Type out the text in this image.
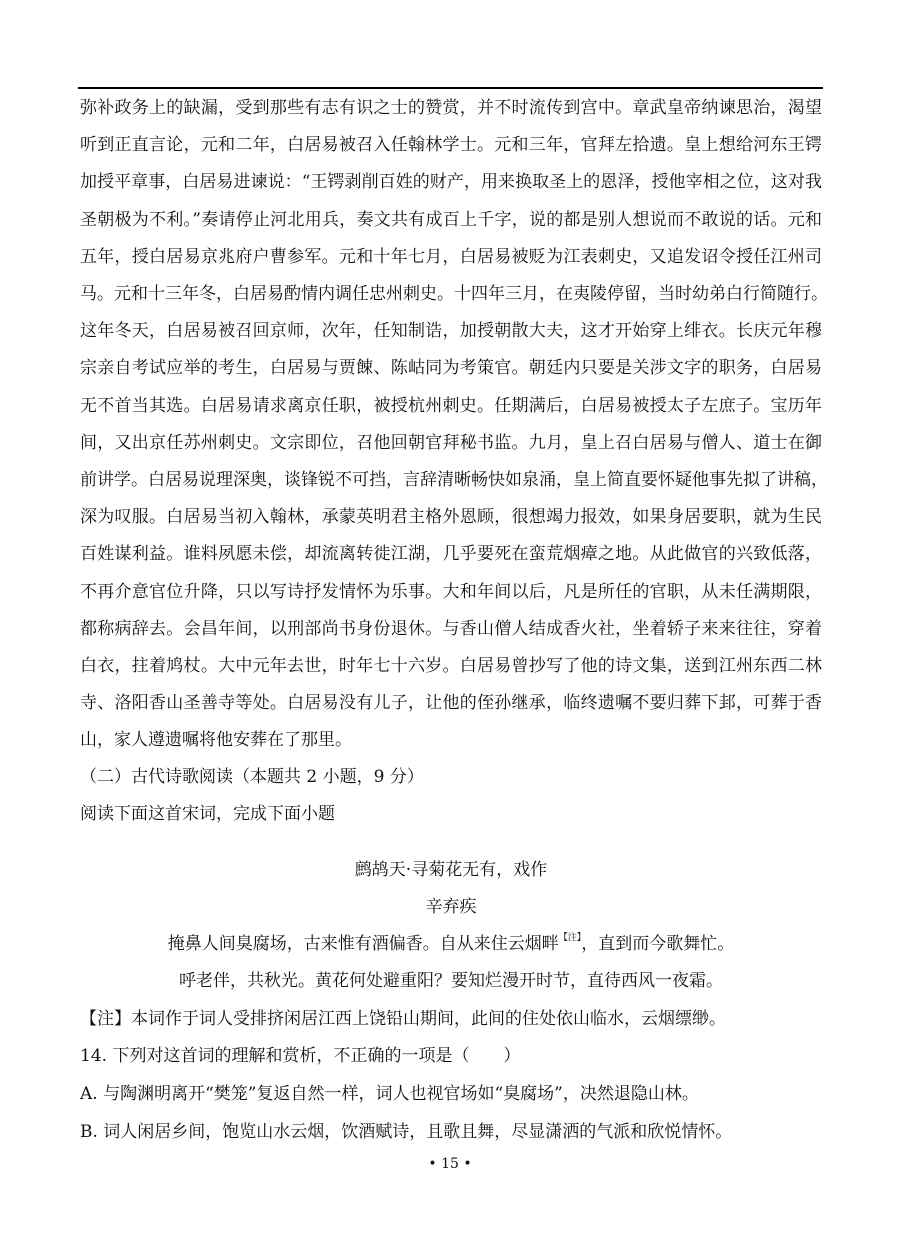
弥补政务上的缺漏，受到那些有志有识之士的赞赏，并不时流传到宫中。章武皇帝纳谏思治，渴望
听到正直言论，元和二年，白居易被召入任翰林学士。元和三年，官拜左拾遗。皇上想给河东王锷
加授平章事，白居易进谏说：“王锷剥削百姓的财产，用来换取圣上的恩泽，授他宰相之位，这对我
圣朝极为不利。”奏请停止河北用兵，奏文共有成百上千字，说的都是别人想说而不敢说的话。元和
五年，授白居易京兆府户曹参军。元和十年七月，白居易被贬为江表刺史，又追发诏令授任江州司
马。元和十三年冬，白居易酌情内调任忠州刺史。十四年三月，在夷陵停留，当时幼弟白行简随行。
这年冬天，白居易被召回京师，次年，任知制诰，加授朝散大夫，这才开始穿上绯衣。长庆元年穆
宗亲自考试应举的考生，白居易与贾餗、陈岵同为考策官。朝廷内只要是关涉文字的职务，白居易
无不首当其选。白居易请求离京任职，被授杭州刺史。任期满后，白居易被授太子左庶子。宝历年
间，又出京任苏州刺史。文宗即位，召他回朝官拜秘书监。九月，皇上召白居易与僧人、道士在御
前讲学。白居易说理深奥，谈锋锐不可挡，言辞清晰畅快如泉涌，皇上简直要怀疑他事先拟了讲稿，
深为叹服。白居易当初入翰林，承蒙英明君主格外恩顾，很想竭力报效，如果身居要职，就为生民
百姓谋利益。谁料夙愿未偿，却流离转徙江湖，几乎要死在蛮荒烟瘴之地。从此做官的兴致低落，
不再介意官位升降，只以写诗抒发情怀为乐事。大和年间以后，凡是所任的官职，从未任满期限，
都称病辞去。会昌年间，以刑部尚书身份退休。与香山僧人结成香火社，坐着轿子来来往往，穿着
白衣，拄着鸠杖。大中元年去世，时年七十六岁。白居易曾抄写了他的诗文集，送到江州东西二林
寺、洛阳香山圣善寺等处。白居易没有儿子，让他的侄孙继承，临终遗嘱不要归葬下邽，可葬于香
山，家人遵遗嘱将他安葬在了那里。
（二）古代诗歌阅读（本题共 2 小题，9 分）
阅读下面这首宋词，完成下面小题
鹧鸪天·寻菊花无有，戏作
辛弃疾
掩鼻人间臭腐场，古来惟有酒偏香。自从来住云烟畔$^{【注】}$，直到而今歌舞忙。
呼老伴，共秋光。黄花何处避重阳？要知烂漫开时节，直待西风一夜霜。
【注】本词作于词人受排挤闲居江西上饶铅山期间，此间的住处依山临水，云烟缥缈。
14. 下列对这首词的理解和赏析，不正确的一项是（　　）
A. 与陶渊明离开“樊笼”复返自然一样，词人也视官场如“臭腐场”，决然退隐山林。
B. 词人闲居乡间，饱览山水云烟，饮酒赋诗，且歌且舞，尽显潇洒的气派和欣悦情怀。
• 15 •
